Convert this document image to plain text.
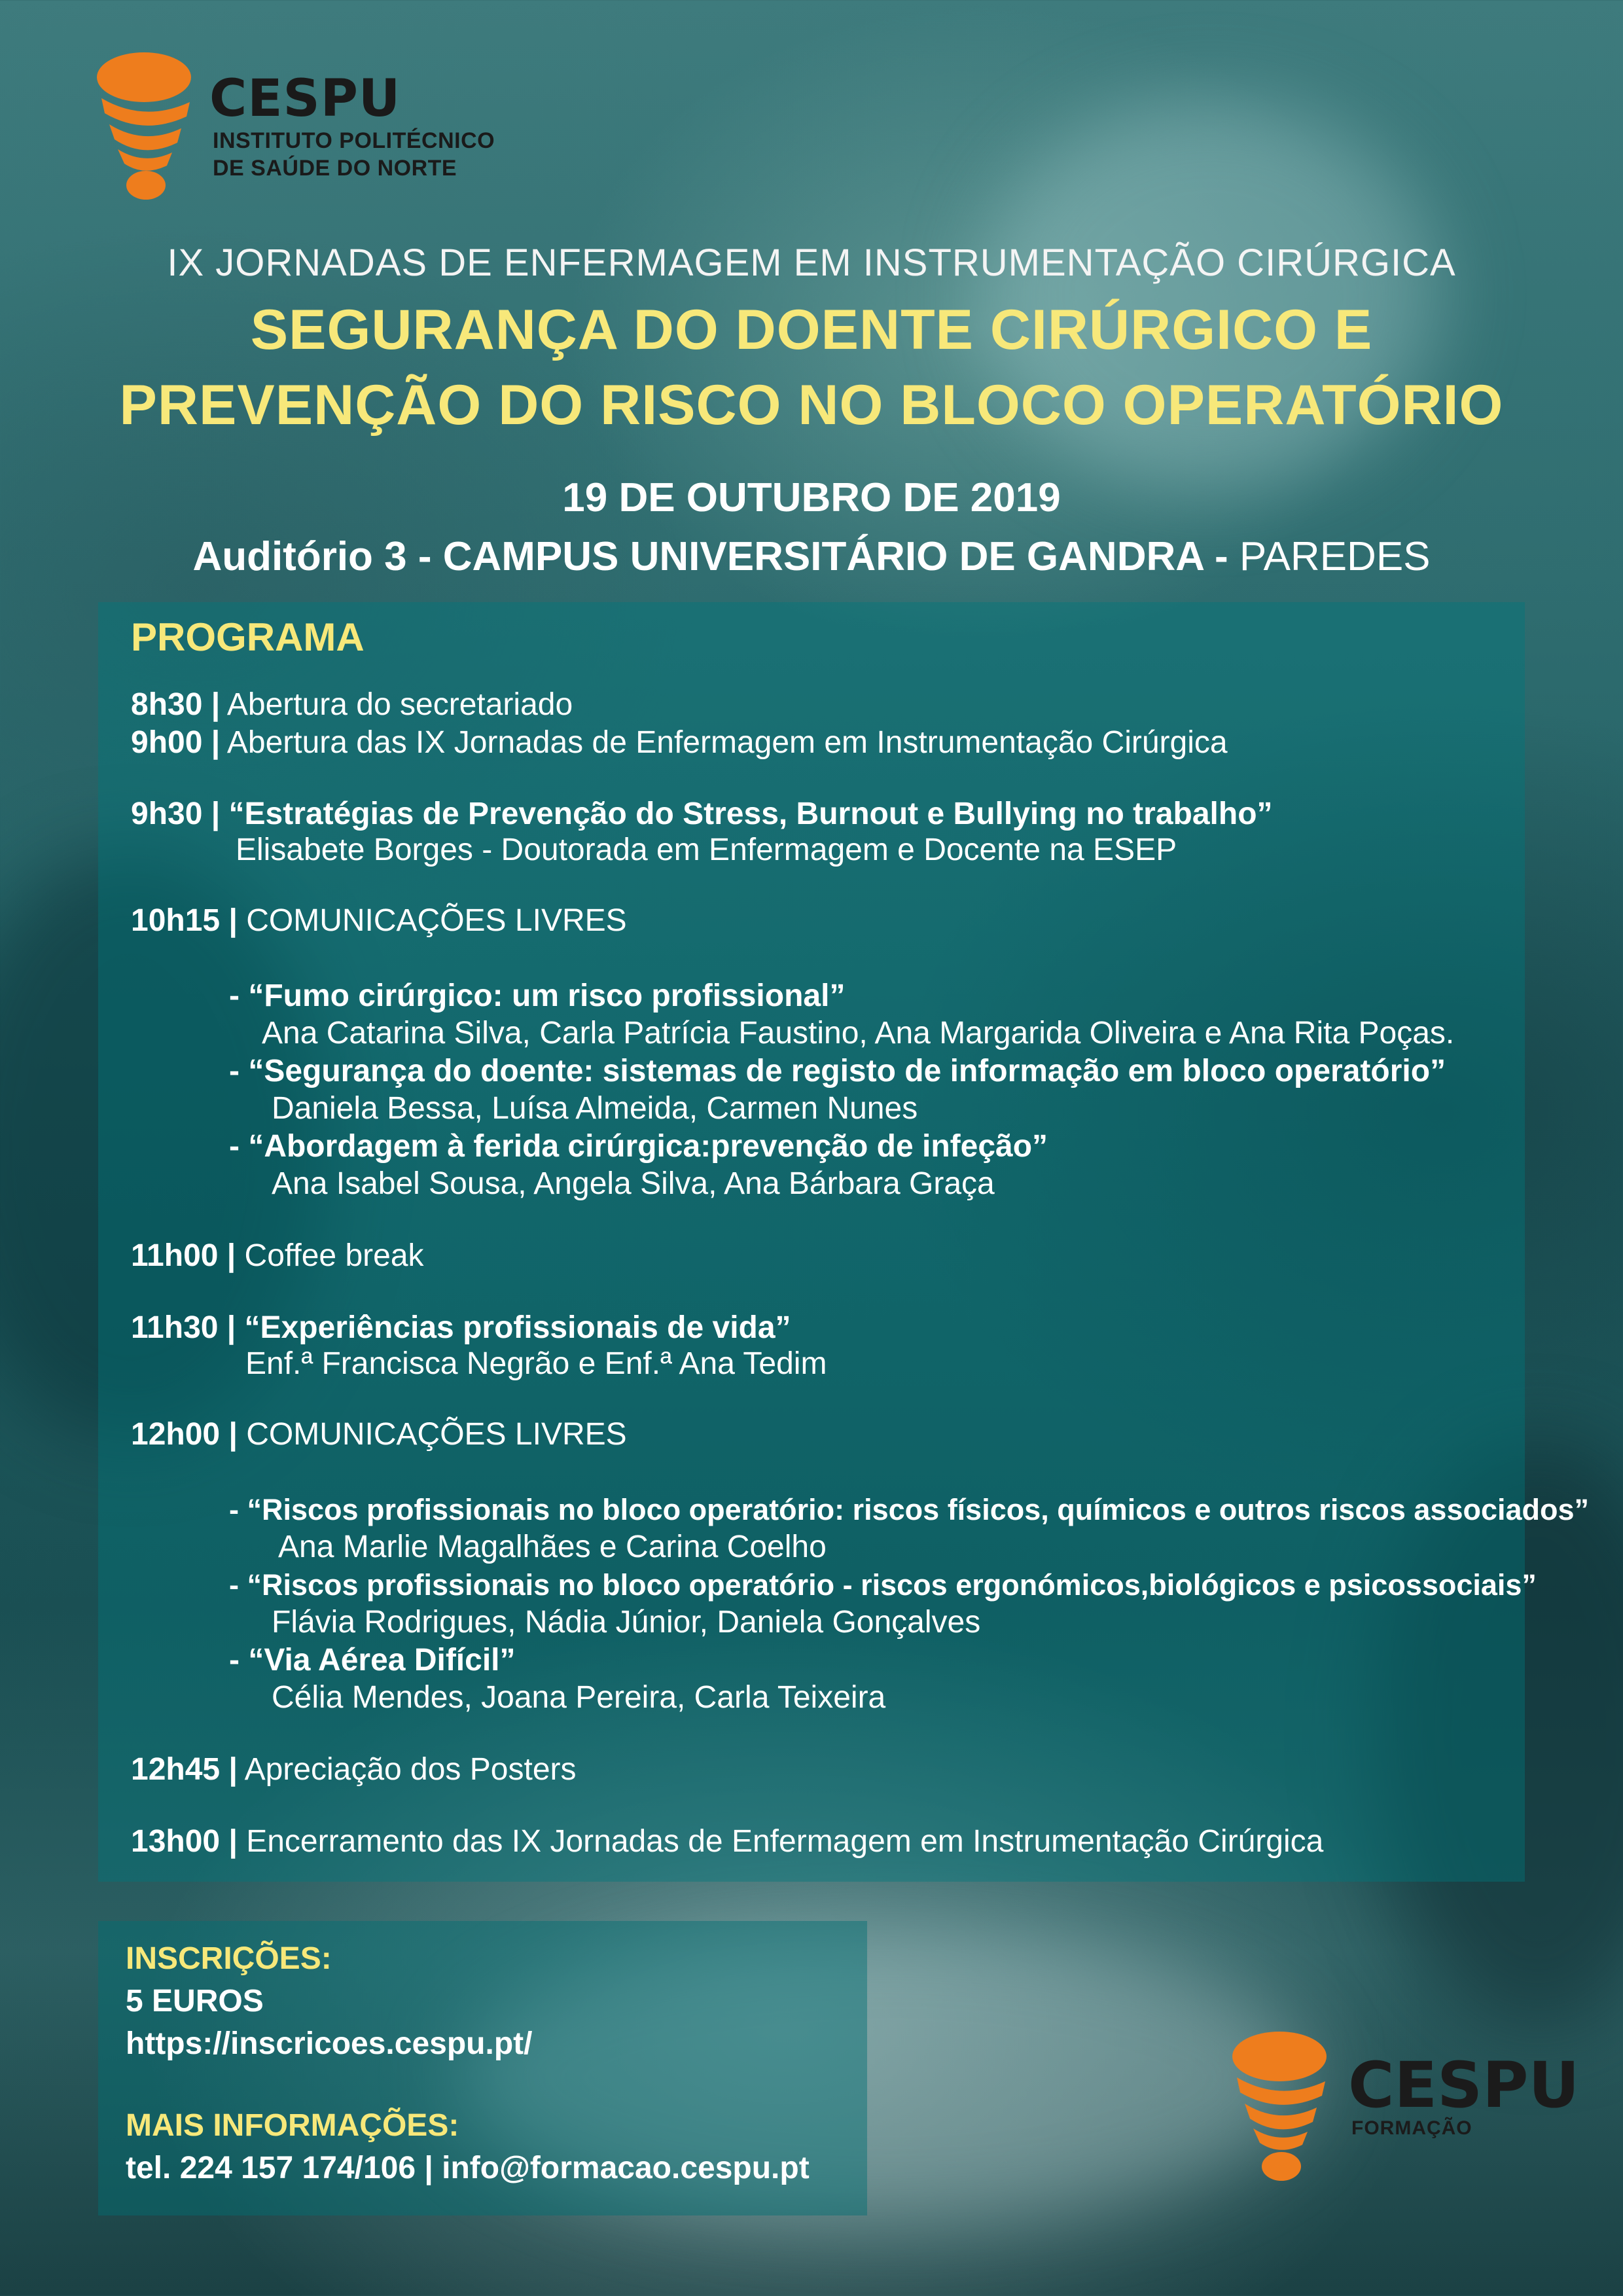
CESPU
INSTITUTO POLITÉCNICO
DE SAÚDE DO NORTE
IX JORNADAS DE ENFERMAGEM EM INSTRUMENTAÇÃO CIRÚRGICA
SEGURANÇA DO DOENTE CIRÚRGICO E
PREVENÇÃO DO RISCO NO BLOCO OPERATÓRIO
19 DE OUTUBRO DE 2019
Auditório 3 - CAMPUS UNIVERSITÁRIO DE GANDRA - PAREDES
PROGRAMA
8h30 | Abertura do secretariado
9h00 | Abertura das IX Jornadas de Enfermagem em Instrumentação Cirúrgica
9h30 | “Estratégias de Prevenção do Stress, Burnout e Bullying no trabalho”
Elisabete Borges - Doutorada em Enfermagem e Docente na ESEP
10h15 | COMUNICAÇÕES LIVRES
- “Fumo cirúrgico: um risco profissional”
Ana Catarina Silva, Carla Patrícia Faustino, Ana Margarida Oliveira e Ana Rita Poças.
- “Segurança do doente: sistemas de registo de informação em bloco operatório”
Daniela Bessa, Luísa Almeida, Carmen Nunes
- “Abordagem à ferida cirúrgica:prevenção de infeção”
Ana Isabel Sousa, Angela Silva, Ana Bárbara Graça
11h00 | Coffee break
11h30 | “Experiências profissionais de vida”
Enf.ª Francisca Negrão e Enf.ª Ana Tedim
12h00 | COMUNICAÇÕES LIVRES
- “Riscos profissionais no bloco operatório: riscos físicos, químicos e outros riscos associados”
Ana Marlie Magalhães e Carina Coelho
- “Riscos profissionais no bloco operatório - riscos ergonómicos,biológicos e psicossociais”
Flávia Rodrigues, Nádia Júnior, Daniela Gonçalves
- “Via Aérea Difícil”
Célia Mendes, Joana Pereira, Carla Teixeira
12h45 | Apreciação dos Posters
13h00 | Encerramento das IX Jornadas de Enfermagem em Instrumentação Cirúrgica
INSCRIÇÕES:
5 EUROS
https://inscricoes.cespu.pt/
MAIS INFORMAÇÕES:
tel. 224 157 174/106 | info@formacao.cespu.pt
CESPU
FORMAÇÃO
